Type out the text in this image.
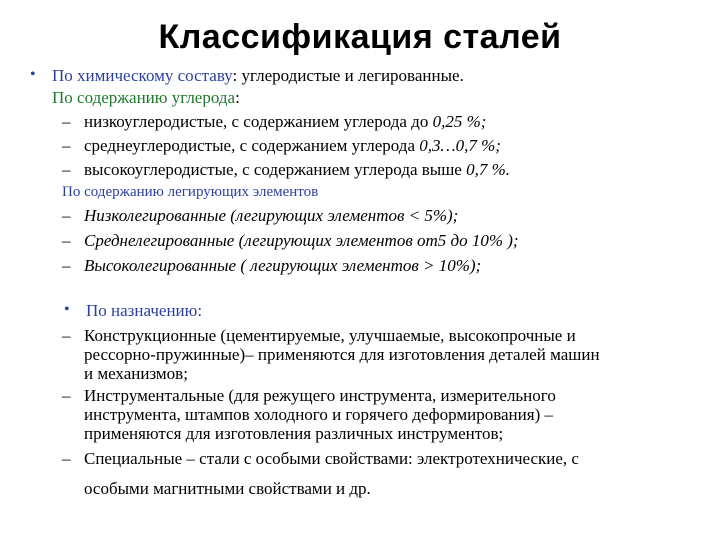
Классификация сталей
• По химическому составу: углеродистые и легированные.
По содержанию углерода:
– низкоуглеродистые, с содержанием углерода до 0,25 %;
– среднеуглеродистые, с содержанием углерода 0,3…0,7 %;
– высокоуглеродистые, с содержанием углерода выше 0,7 %.
По содержанию легирующих элементов
– Низколегированные (легирующих элементов < 5%);
– Среднелегированные (легирующих элементов от5 до 10% );
– Высоколегированные ( легирующих элементов > 10%);
• По назначению:
– Конструкционные (цементируемые, улучшаемые, высокопрочные и
рессорно-пружинные)– применяются для изготовления деталей машин
и механизмов;
– Инструментальные (для режущего инструмента, измерительного
инструмента, штампов холодного и горячего деформирования) –
применяются для изготовления различных инструментов;
– Специальные – стали с особыми свойствами: электротехнические, с
особыми магнитными свойствами и др.
